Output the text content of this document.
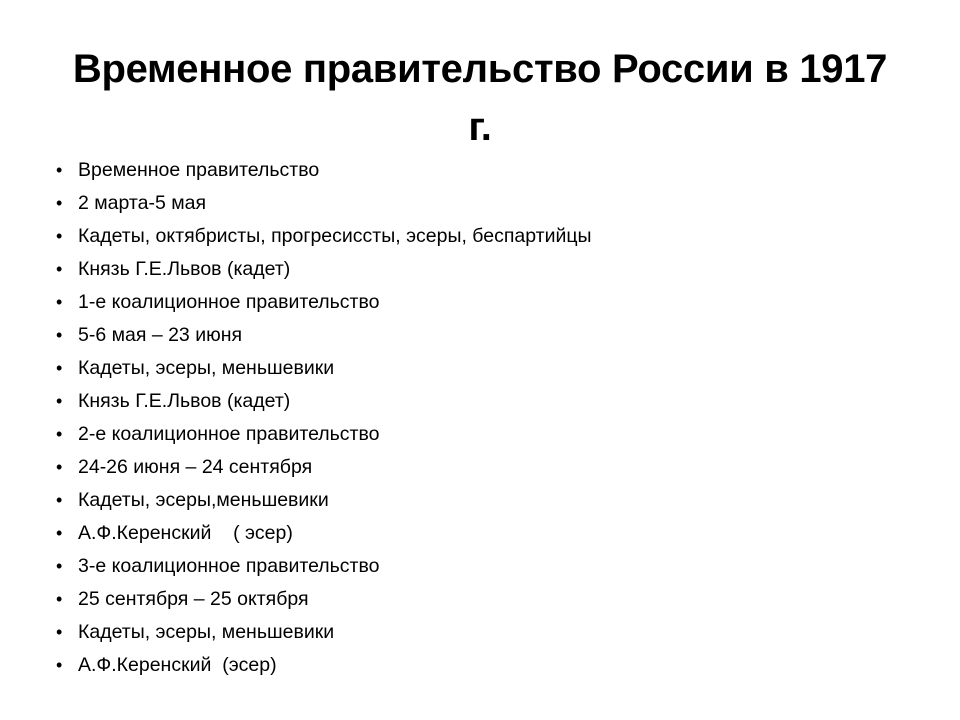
Временное правительство России в 1917 г.
• Временное правительство
• 2 марта-5 мая
• Кадеты, октябристы, прогресиссты, эсеры, беспартийцы
• Князь Г.Е.Львов (кадет)
• 1-е коалиционное правительство
• 5-6 мая – 23 июня
• Кадеты, эсеры, меньшевики
• Князь Г.Е.Львов (кадет)
• 2-е коалиционное правительство
• 24-26 июня – 24 сентября
• Кадеты, эсеры,меньшевики
• А.Ф.Керенский    ( эсер)
• 3-е коалиционное правительство
• 25 сентября – 25 октября
• Кадеты, эсеры, меньшевики
• А.Ф.Керенский  (эсер)
